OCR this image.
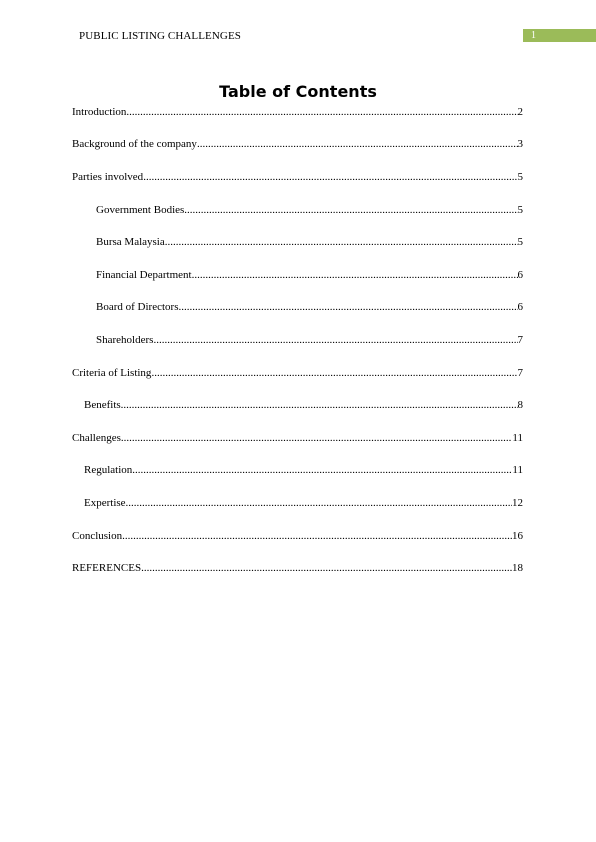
PUBLIC LISTING CHALLENGES	1
Table of Contents
Introduction .....	2
Background of the company .....	3
Parties involved .....	5
Government Bodies .....	5
Bursa Malaysia .....	5
Financial Department .....	6
Board of Directors .....	6
Shareholders .....	7
Criteria of Listing .....	7
Benefits .....	8
Challenges .....	11
Regulation .....	11
Expertise .....	12
Conclusion .....	16
REFERENCES .....	18
